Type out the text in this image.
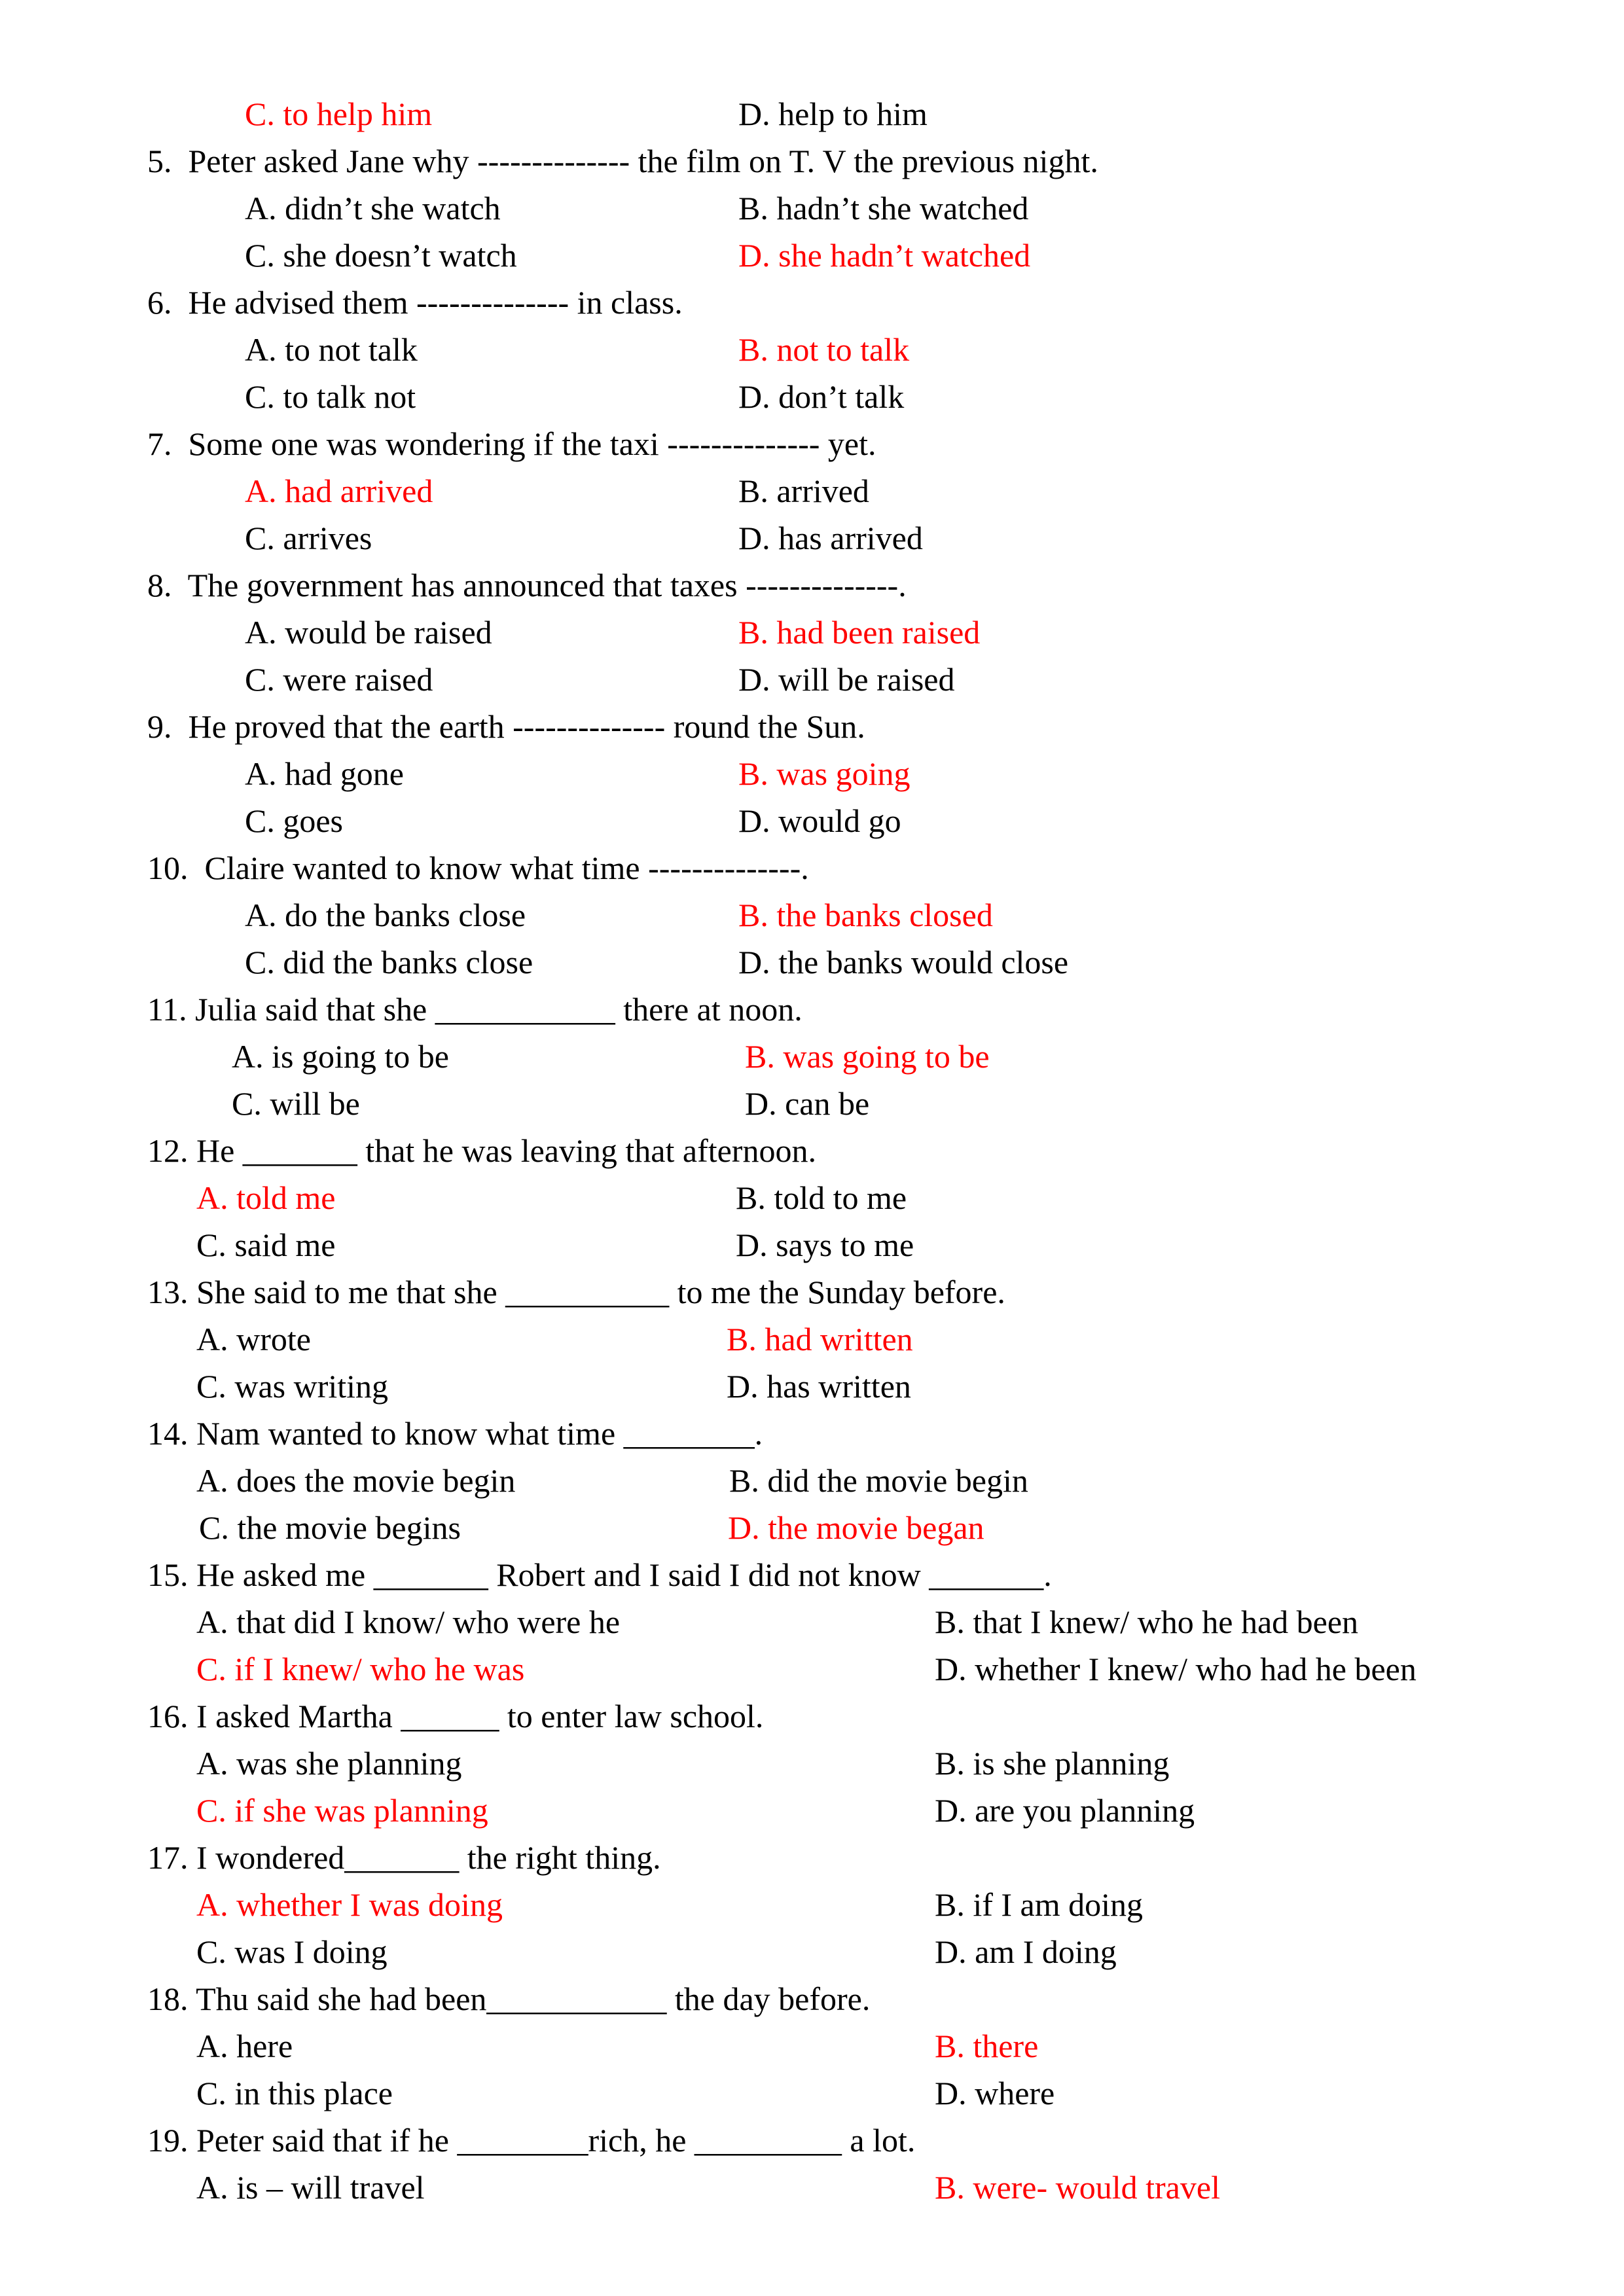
C. to help him	D. help to him
5.  Peter asked Jane why -------------- the film on T. V the previous night.
A. didn’t she watch	B. hadn’t she watched
C. she doesn’t watch	D. she hadn’t watched
6.  He advised them -------------- in class.
A. to not talk	B. not to talk
C. to talk not	D. don’t talk
7.  Some one was wondering if the taxi -------------- yet.
A. had arrived	B. arrived
C. arrives	D. has arrived
8.  The government has announced that taxes --------------.
A. would be raised	B. had been raised
C. were raised	D. will be raised
9.  He proved that the earth -------------- round the Sun.
A. had gone	B. was going
C. goes	D. would go
10.  Claire wanted to know what time --------------.
A. do the banks close	B. the banks closed
C. did the banks close	D. the banks would close
11. Julia said that she ___________ there at noon.
A. is going to be	B. was going to be
C. will be	D. can be
12. He _______ that he was leaving that afternoon.
A. told me	B. told to me
C. said me	D. says to me
13. She said to me that she __________ to me the Sunday before.
A. wrote	B. had written
C. was writing	D. has written
14. Nam wanted to know what time ________.
A. does the movie begin	B. did the movie begin
C. the movie begins	D. the movie began
15. He asked me _______ Robert and I said I did not know _______.
A. that did I know/ who were he	B. that I knew/ who he had been
C. if I knew/ who he was	D. whether I knew/ who had he been
16. I asked Martha ______ to enter law school.
A. was she planning	B. is she planning
C. if she was planning	D. are you planning
17. I wondered_______ the right thing.
A. whether I was doing	B. if I am doing
C. was I doing	D. am I doing
18. Thu said she had been___________ the day before.
A. here	B. there
C. in this place	D. where
19. Peter said that if he ________rich, he _________ a lot.
A. is – will travel	B. were- would travel
